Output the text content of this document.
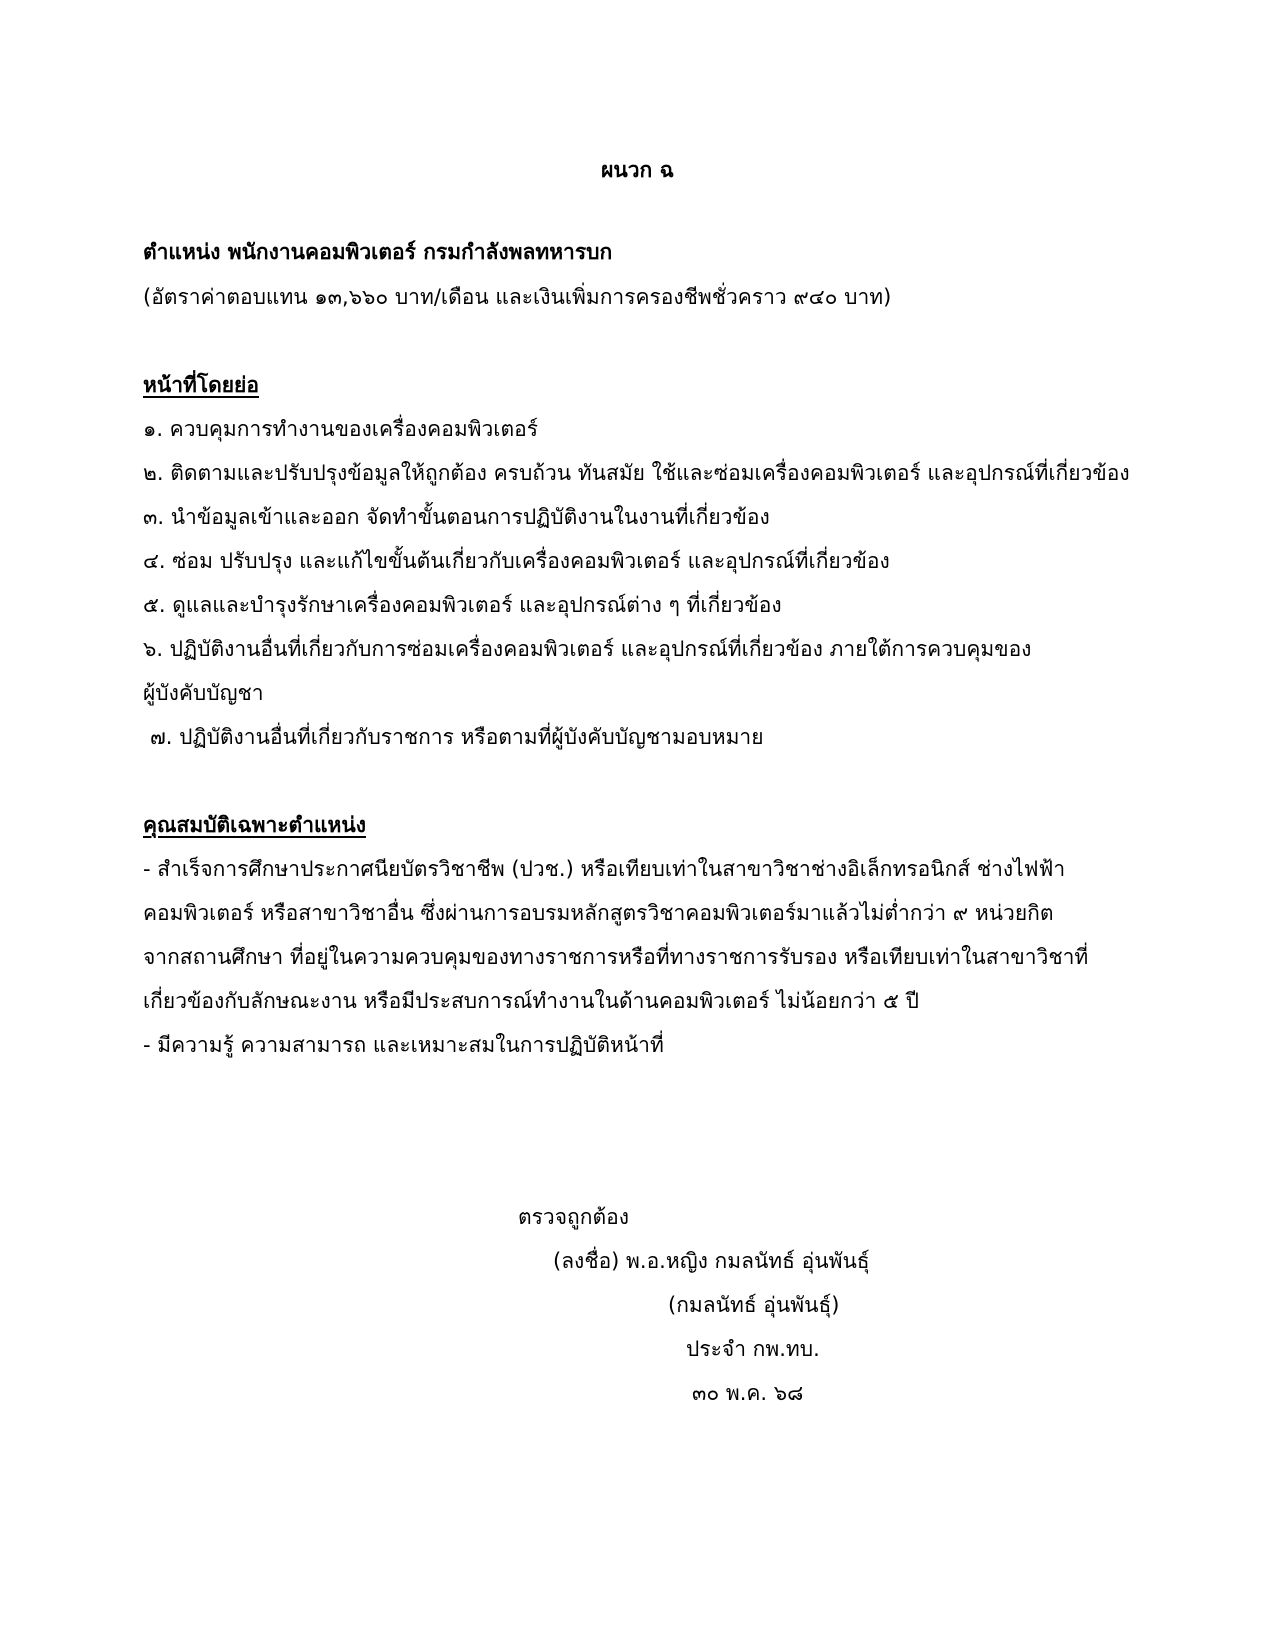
ผนวก ฉ

ตำแหน่ง พนักงานคอมพิวเตอร์ กรมกำลังพลทหารบก

(อัตราค่าตอบแทน ๑๓,๖๖๐ บาท/เดือน และเงินเพิ่มการครองชีพชั่วคราว ๙๔๐ บาท)

หน้าที่โดยย่อ

๑. ควบคุมการทำงานของเครื่องคอมพิวเตอร์

๒. ติดตามและปรับปรุงข้อมูลให้ถูกต้อง ครบถ้วน ทันสมัย ใช้และซ่อมเครื่องคอมพิวเตอร์ และอุปกรณ์ที่เกี่ยวข้อง

๓. นำข้อมูลเข้าและออก จัดทำขั้นตอนการปฏิบัติงานในงานที่เกี่ยวข้อง

๔. ซ่อม ปรับปรุง และแก้ไขขั้นต้นเกี่ยวกับเครื่องคอมพิวเตอร์ และอุปกรณ์ที่เกี่ยวข้อง

๕. ดูแลและบำรุงรักษาเครื่องคอมพิวเตอร์ และอุปกรณ์ต่าง ๆ ที่เกี่ยวข้อง

๖. ปฏิบัติงานอื่นที่เกี่ยวกับการซ่อมเครื่องคอมพิวเตอร์ และอุปกรณ์ที่เกี่ยวข้อง ภายใต้การควบคุมของ

ผู้บังคับบัญชา

๗. ปฏิบัติงานอื่นที่เกี่ยวกับราชการ หรือตามที่ผู้บังคับบัญชามอบหมาย

คุณสมบัติเฉพาะตำแหน่ง

- สำเร็จการศึกษาประกาศนียบัตรวิชาชีพ (ปวช.) หรือเทียบเท่าในสาขาวิชาช่างอิเล็กทรอนิกส์ ช่างไฟฟ้า

คอมพิวเตอร์ หรือสาขาวิชาอื่น ซึ่งผ่านการอบรมหลักสูตรวิชาคอมพิวเตอร์มาแล้วไม่ต่ำกว่า ๙ หน่วยกิต

จากสถานศึกษา ที่อยู่ในความควบคุมของทางราชการหรือที่ทางราชการรับรอง หรือเทียบเท่าในสาขาวิชาที่

เกี่ยวข้องกับลักษณะงาน หรือมีประสบการณ์ทำงานในด้านคอมพิวเตอร์ ไม่น้อยกว่า ๕ ปี

- มีความรู้ ความสามารถ และเหมาะสมในการปฏิบัติหน้าที่

ตรวจถูกต้อง

(ลงชื่อ) พ.อ.หญิง กมลนัทธ์ อุ่นพันธุ์

(กมลนัทธ์ อุ่นพันธุ์)

ประจำ กพ.ทบ.

๓๐ พ.ค. ๖๘
